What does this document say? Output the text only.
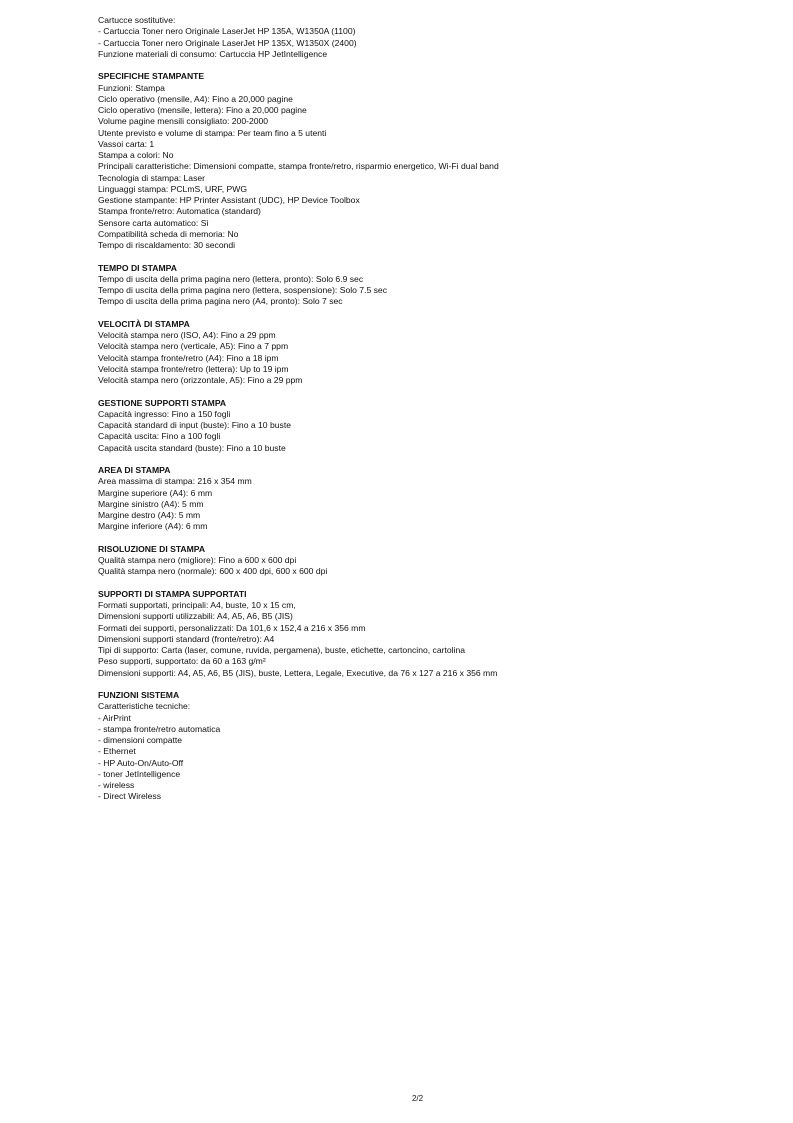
Cartucce sostitutive:
- Cartuccia Toner nero Originale LaserJet HP 135A, W1350A (1100)
- Cartuccia Toner nero Originale LaserJet HP 135X, W1350X (2400)
Funzione materiali di consumo: Cartuccia HP JetIntelligence
SPECIFICHE STAMPANTE
Funzioni: Stampa
Ciclo operativo (mensile, A4): Fino a 20,000 pagine
Ciclo operativo (mensile, lettera): Fino a 20,000 pagine
Volume pagine mensili consigliato: 200-2000
Utente previsto e volume di stampa: Per team fino a 5 utenti
Vassoi carta: 1
Stampa a colori: No
Principali caratteristiche: Dimensioni compatte, stampa fronte/retro, risparmio energetico, Wi-Fi dual band
Tecnologia di stampa: Laser
Linguaggi stampa: PCLmS, URF, PWG
Gestione stampante: HP Printer Assistant (UDC), HP Device Toolbox
Stampa fronte/retro: Automatica (standard)
Sensore carta automatico: Sì
Compatibilità scheda di memoria: No
Tempo di riscaldamento: 30 secondi
TEMPO DI STAMPA
Tempo di uscita della prima pagina nero (lettera, pronto): Solo 6.9 sec
Tempo di uscita della prima pagina nero (lettera, sospensione): Solo 7.5 sec
Tempo di uscita della prima pagina nero (A4, pronto): Solo 7 sec
VELOCITÀ DI STAMPA
Velocità stampa nero (ISO, A4): Fino a 29 ppm
Velocità stampa nero (verticale, A5): Fino a 7 ppm
Velocità stampa fronte/retro (A4): Fino a 18 ipm
Velocità stampa fronte/retro (lettera): Up to 19 ipm
Velocità stampa nero (orizzontale, A5): Fino a 29 ppm
GESTIONE SUPPORTI STAMPA
Capacità ingresso: Fino a 150 fogli
Capacità standard di input (buste): Fino a 10 buste
Capacità uscita: Fino a 100 fogli
Capacità uscita standard (buste): Fino a 10 buste
AREA DI STAMPA
Area massima di stampa: 216 x 354 mm
Margine superiore (A4): 6 mm
Margine sinistro (A4): 5 mm
Margine destro (A4): 5 mm
Margine inferiore (A4): 6 mm
RISOLUZIONE DI STAMPA
Qualità stampa nero (migliore): Fino a 600 x 600 dpi
Qualità stampa nero (normale): 600 x 400 dpi, 600 x 600 dpi
SUPPORTI DI STAMPA SUPPORTATI
Formati supportati, principali: A4, buste, 10 x 15 cm,
Dimensioni supporti utilizzabili: A4, A5, A6, B5 (JIS)
Formati dei supporti, personalizzati: Da 101,6 x 152,4 a 216 x 356 mm
Dimensioni supporti standard (fronte/retro): A4
Tipi di supporto: Carta (laser, comune, ruvida, pergamena), buste, etichette, cartoncino, cartolina
Peso supporti, supportato: da 60 a 163 g/m²
Dimensioni supporti: A4, A5, A6, B5 (JIS), buste, Lettera, Legale, Executive, da 76 x 127 a 216 x 356 mm
FUNZIONI SISTEMA
Caratteristiche tecniche:
- AirPrint
- stampa fronte/retro automatica
- dimensioni compatte
- Ethernet
- HP Auto-On/Auto-Off
- toner JetIntelligence
- wireless
- Direct Wireless
2/2
